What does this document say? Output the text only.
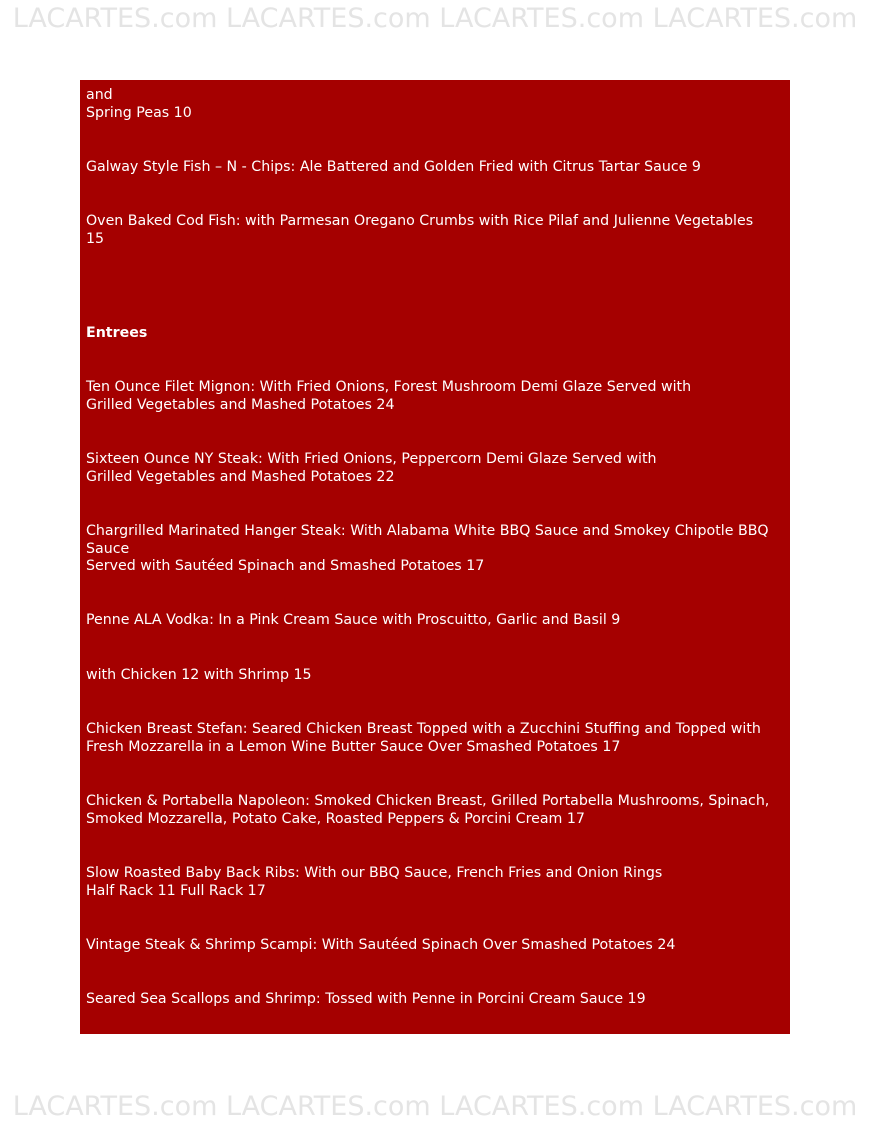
LACARTES.com LACARTES.com LACARTES.com LACARTES.com
and
Spring Peas 10
Galway Style Fish – N - Chips: Ale Battered and Golden Fried with Citrus Tartar Sauce 9
Oven Baked Cod Fish: with Parmesan Oregano Crumbs with Rice Pilaf and Julienne Vegetables
15
Entrees
Ten Ounce Filet Mignon: With Fried Onions, Forest Mushroom Demi Glaze Served with
Grilled Vegetables and Mashed Potatoes 24
Sixteen Ounce NY Steak: With Fried Onions, Peppercorn Demi Glaze Served with
Grilled Vegetables and Mashed Potatoes 22
Chargrilled Marinated Hanger Steak: With Alabama White BBQ Sauce and Smokey Chipotle BBQ
Sauce
Served with Sautéed Spinach and Smashed Potatoes 17
Penne ALA Vodka: In a Pink Cream Sauce with Proscuitto, Garlic and Basil 9
with Chicken 12 with Shrimp 15
Chicken Breast Stefan: Seared Chicken Breast Topped with a Zucchini Stuffing and Topped with
Fresh Mozzarella in a Lemon Wine Butter Sauce Over Smashed Potatoes 17
Chicken & Portabella Napoleon: Smoked Chicken Breast, Grilled Portabella Mushrooms, Spinach,
Smoked Mozzarella, Potato Cake, Roasted Peppers & Porcini Cream 17
Slow Roasted Baby Back Ribs: With our BBQ Sauce, French Fries and Onion Rings
Half Rack 11 Full Rack 17
Vintage Steak & Shrimp Scampi: With Sautéed Spinach Over Smashed Potatoes 24
Seared Sea Scallops and Shrimp: Tossed with Penne in Porcini Cream Sauce 19
LACARTES.com LACARTES.com LACARTES.com LACARTES.com
